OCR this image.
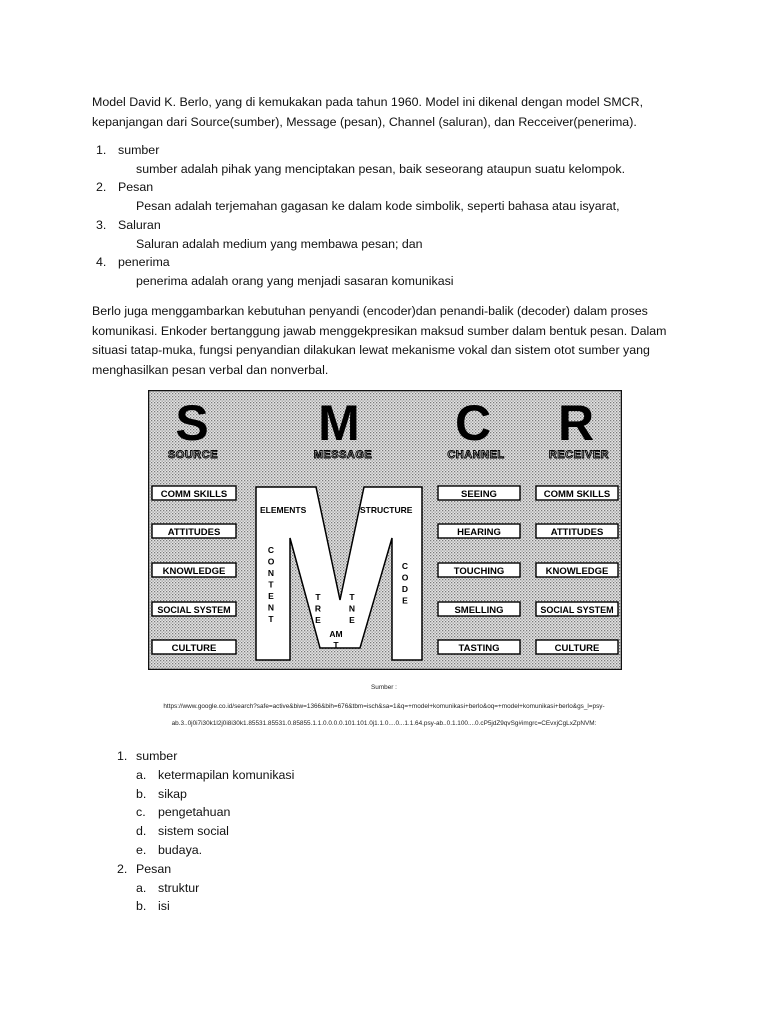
Model David K. Berlo, yang di kemukakan pada tahun 1960. Model ini dikenal dengan model SMCR, kepanjangan dari Source(sumber), Message (pesan), Channel (saluran), dan Recceiver(penerima).

1. sumber
sumber adalah pihak yang menciptakan pesan, baik seseorang ataupun suatu kelompok.
2. Pesan
Pesan adalah terjemahan gagasan ke dalam kode simbolik, seperti bahasa atau isyarat,
3. Saluran
Saluran adalah medium yang membawa pesan; dan
4. penerima
penerima adalah orang yang menjadi sasaran komunikasi

Berlo juga menggambarkan kebutuhan penyandi (encoder)dan penandi-balik (decoder) dalam proses komunikasi. Enkoder bertanggung jawab menggekpresikan maksud sumber dalam bentuk pesan. Dalam situasi tatap-muka, fungsi penyandian dilakukan lewat mekanisme vokal dan sistem otot sumber yang menghasilkan pesan verbal dan nonverbal.

S M C R
SOURCE	MESSAGE	CHANNEL	RECEIVER
COMM SKILLS
ATTITUDES
KNOWLEDGE
SOCIAL SYSTEM
CULTURE
SEEING
HEARING
TOUCHING
SMELLING
TASTING
COMM SKILLS
ATTITUDES
KNOWLEDGE
SOCIAL SYSTEM
CULTURE
ELEMENTS	STRUCTURE
C O N T E N T
C O D E
T R E
T N E
AM
T
Sumber :
https://www.google.co.id/search?safe=active&biw=1366&bih=676&tbm=isch&sa=1&q=+model+komunikasi+berlo&oq=+model+komunikasi+berlo&gs_l=psy-
ab.3..0j0i7i30k1l2j0i8i30k1.85531.85531.0.85855.1.1.0.0.0.0.101.101.0j1.1.0....0...1.1.64.psy-ab..0.1.100....0.cP5jdZ9qvSg#imgrc=CEvxjCgLxZpNVM:
1. sumber
a. ketermapilan komunikasi
b. sikap
c. pengetahuan
d. sistem social
e. budaya.
2. Pesan
a. struktur
b. isi
